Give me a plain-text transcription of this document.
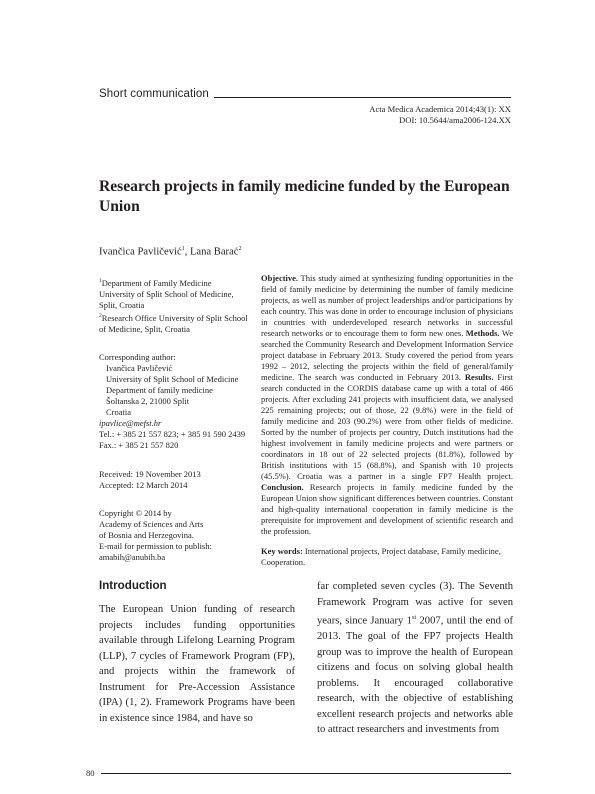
Short communication
Acta Medica Academica 2014;43(1): XX
DOI: 10.5644/ama2006-124.XX
Research projects in family medicine funded by the European Union
Ivančica Pavličević$^1$, Lana Barać$^2$
$^1$Department of Family Medicine
University of Split School of Medicine,
Split, Croatia
$^2$Research Office University of Split School
of Medicine, Split, Croatia
Corresponding author:
Ivančica Pavličević
University of Split School of Medicine
Department of family medicine
Šoltanska 2, 21000 Split
Croatia
ipavlice@mefst.hr
Tel.: + 385 21 557 823; + 385 91 590 2439
Fax.: + 385 21 557 820
Received: 19 November 2013
Accepted: 12 March 2014
Copyright © 2014 by
Academy of Sciences and Arts
of Bosnia and Herzegovina.
E-mail for permission to publish:
amabih@anubih.ba
Objective. This study aimed at synthesizing funding opportunities in the field of family medicine by determining the number of family medicine projects, as well as number of project leaderships and/or participations by each country. This was done in order to encourage inclusion of physicians in countries with underdeveloped research networks in successful research networks or to encourage them to form new ones. Methods. We searched the Community Research and Development Information Service project database in February 2013. Study covered the period from years 1992 – 2012, selecting the projects within the field of general/family medicine. The search was conducted in February 2013. Results. First search conducted in the CORDIS database came up with a total of 466 projects. After excluding 241 projects with insufficient data, we analysed 225 remaining projects; out of those, 22 (9.8%) were in the field of family medicine and 203 (90.2%) were from other fields of medicine. Sorted by the number of projects per country, Dutch institutions had the highest involvement in family medicine projects and were partners or coordinators in 18 out of 22 selected projects (81.8%), followed by British institutions with 15 (68.8%), and Spanish with 10 projects (45.5%). Croatia was a partner in a single FP7 Health project. Conclusion. Research projects in family medicine funded by the European Union show significant differences between countries. Constant and high-quality international cooperation in family medicine is the prerequisite for improvement and development of scientific research and the profession.
Key words: International projects, Project database, Family medicine, Cooperation.
Introduction
The European Union funding of research projects includes funding opportunities available through Lifelong Learning Program (LLP), 7 cycles of Framework Program (FP), and projects within the framework of Instrument for Pre-Accession Assistance (IPA) (1, 2). Framework Programs have been in existence since 1984, and have so
far completed seven cycles (3). The Seventh Framework Program was active for seven years, since January 1st 2007, until the end of 2013. The goal of the FP7 projects Health group was to improve the health of European citizens and focus on solving global health problems. It encouraged collaborative research, with the objective of establishing excellent research projects and networks able to attract researchers and investments from
80
